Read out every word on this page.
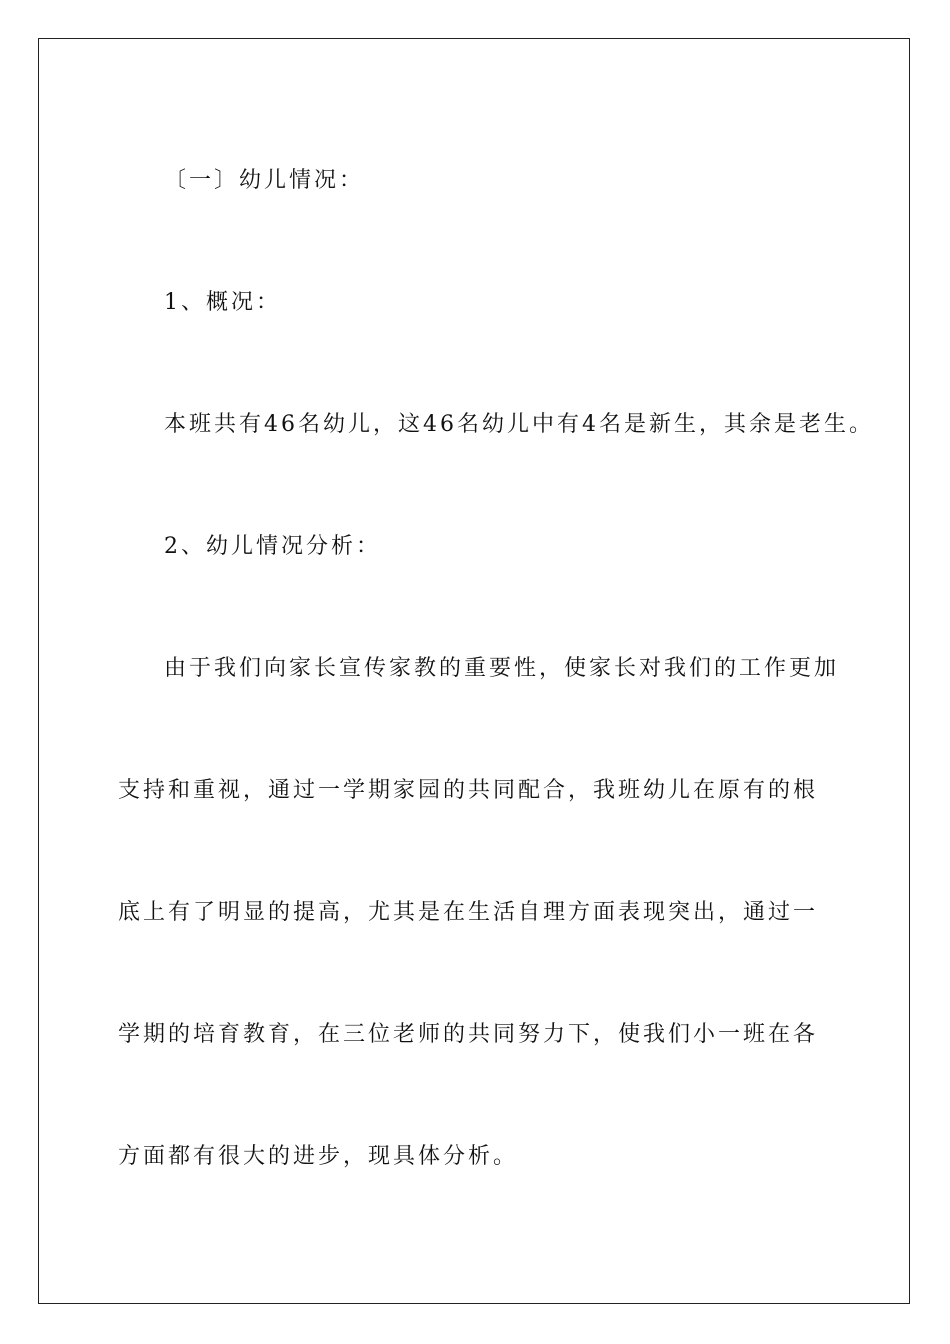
〔一〕幼儿情况：

1、概况：

本班共有46名幼儿，这46名幼儿中有4名是新生，其余是老生。

2、幼儿情况分析：

由于我们向家长宣传家教的重要性，使家长对我们的工作更加支持和重视，通过一学期家园的共同配合，我班幼儿在原有的根底上有了明显的提高，尤其是在生活自理方面表现突出，通过一学期的培育教育，在三位老师的共同努力下，使我们小一班在各方面都有很大的进步，现具体分析。
